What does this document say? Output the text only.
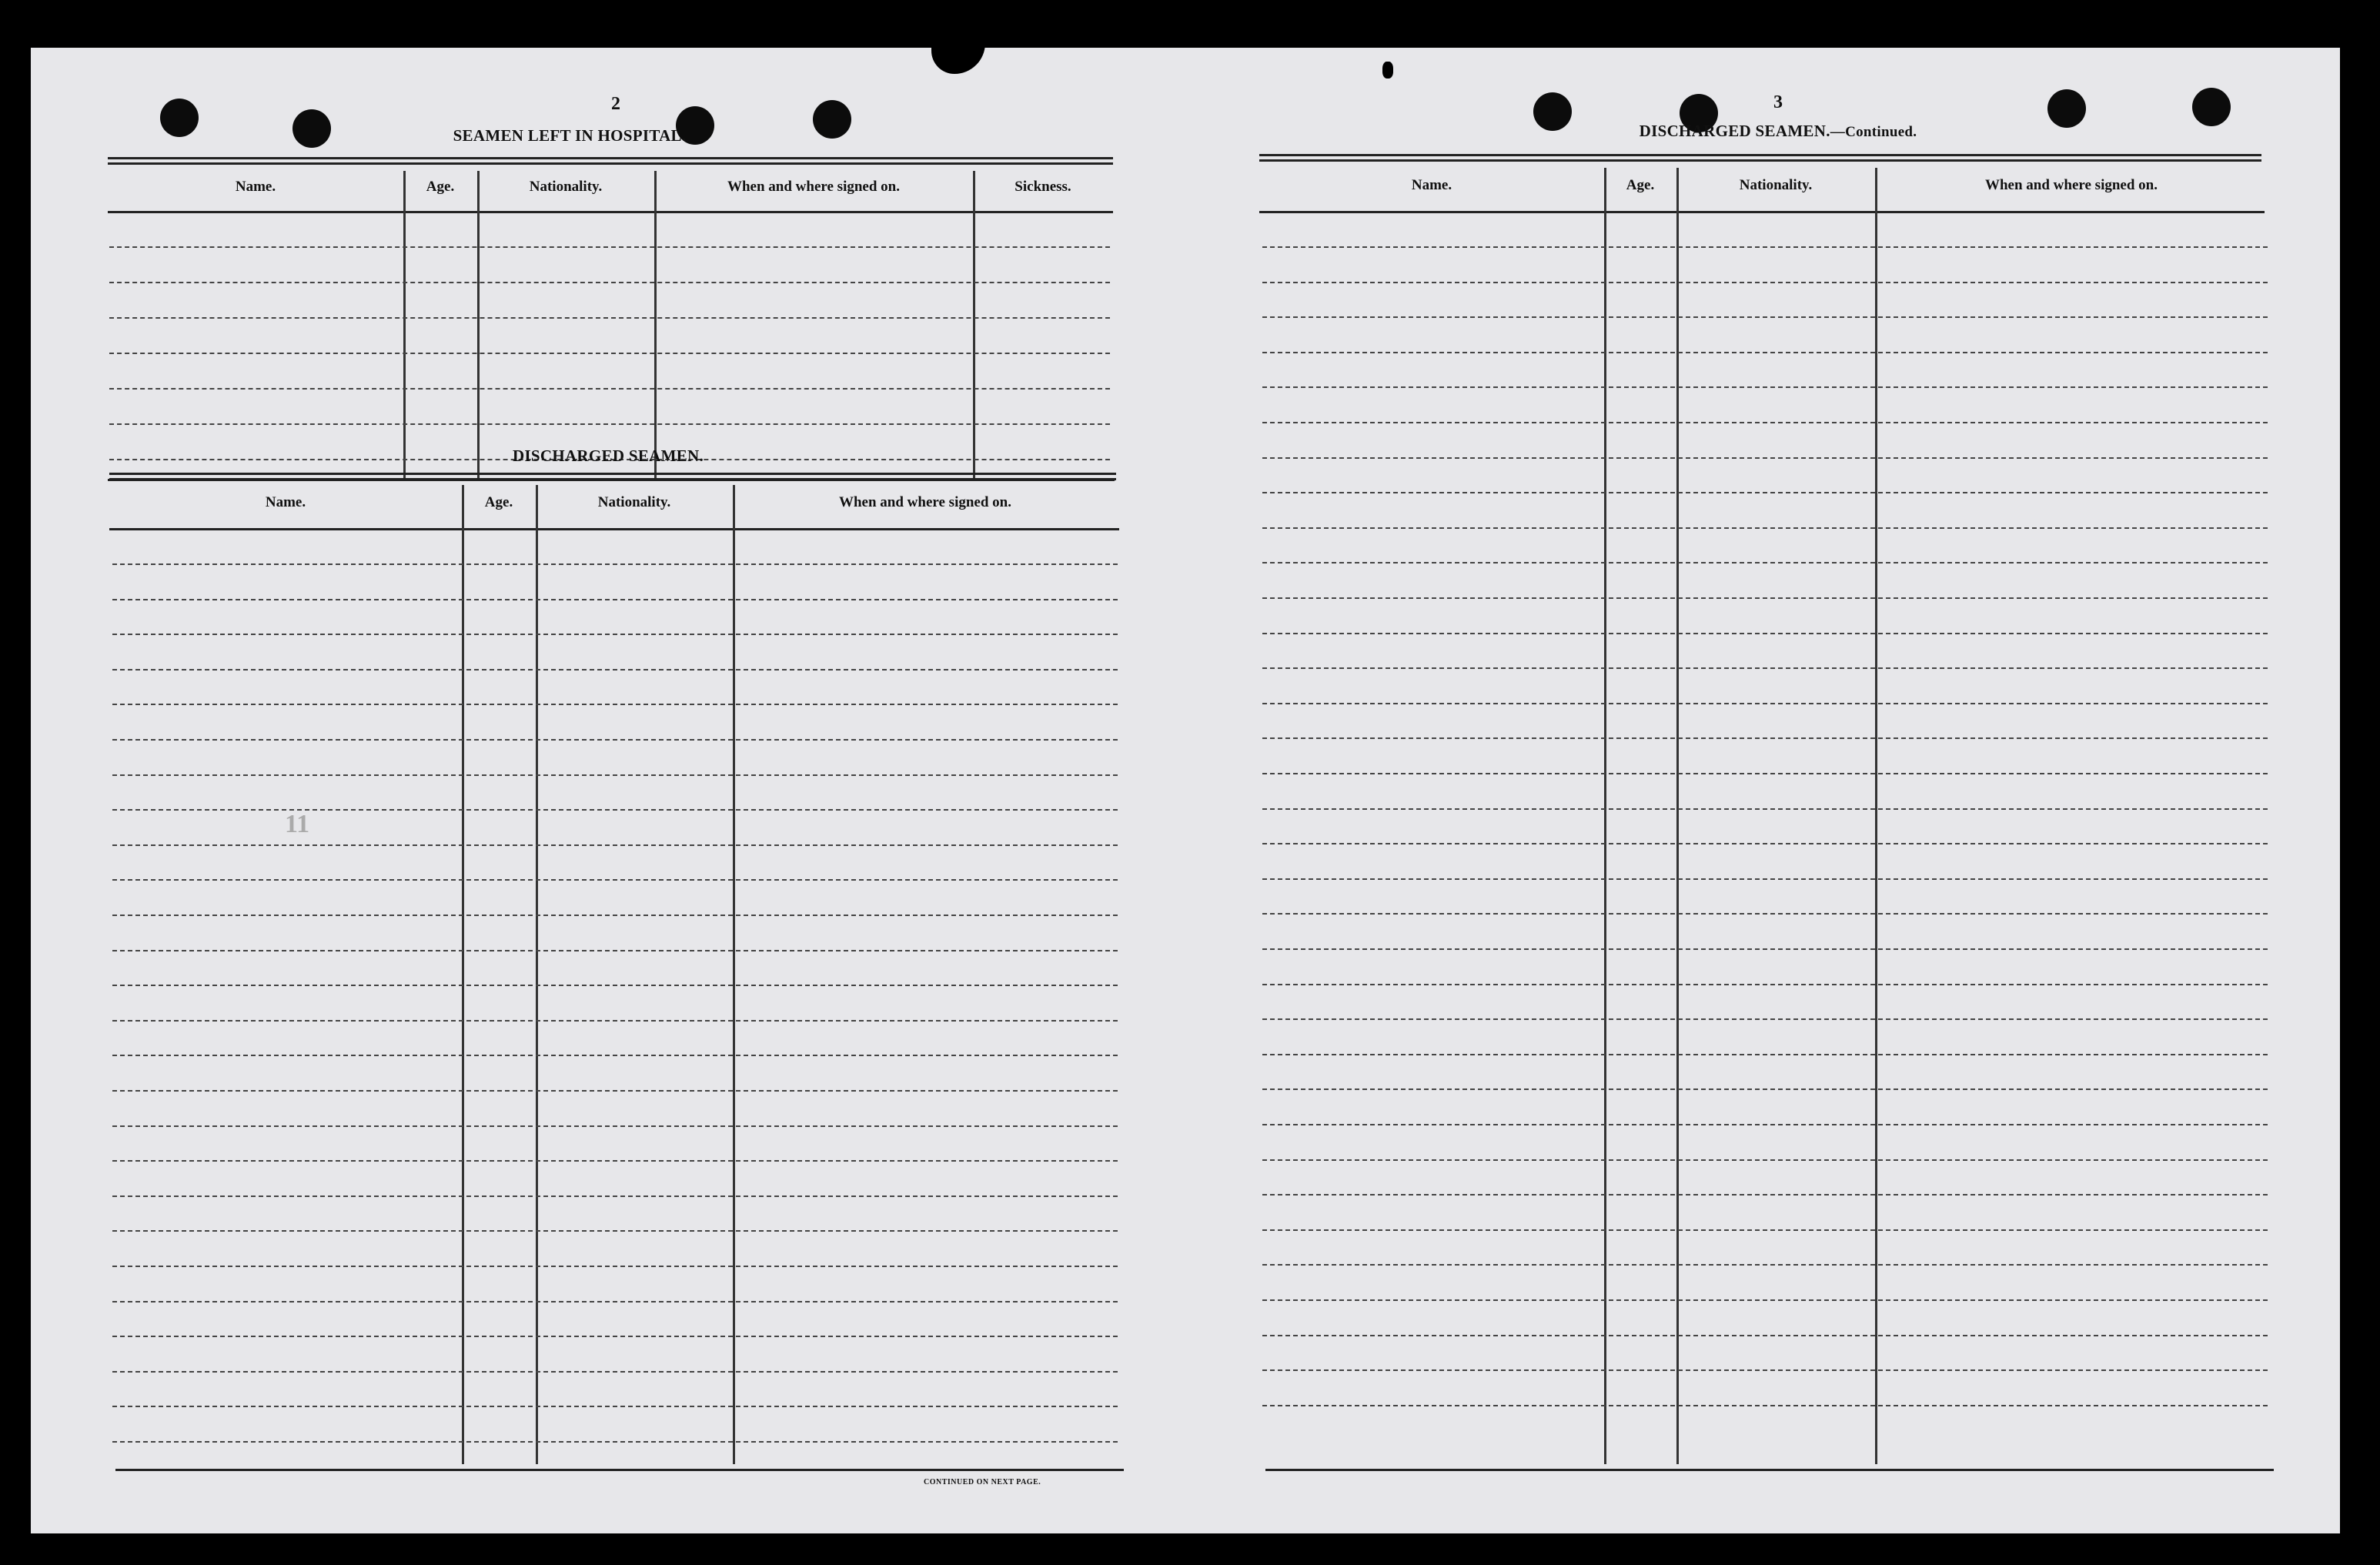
2
SEAMEN LEFT IN HOSPITAL.
Name.	Age.	Nationality.	When and where signed on.	Sickness.
DISCHARGED SEAMEN.
Name.	Age.	Nationality.	When and where signed on.
CONTINUED ON NEXT PAGE.
11
3
DISCHARGED SEAMEN.—Continued.
Name.	Age.	Nationality.	When and where signed on.
